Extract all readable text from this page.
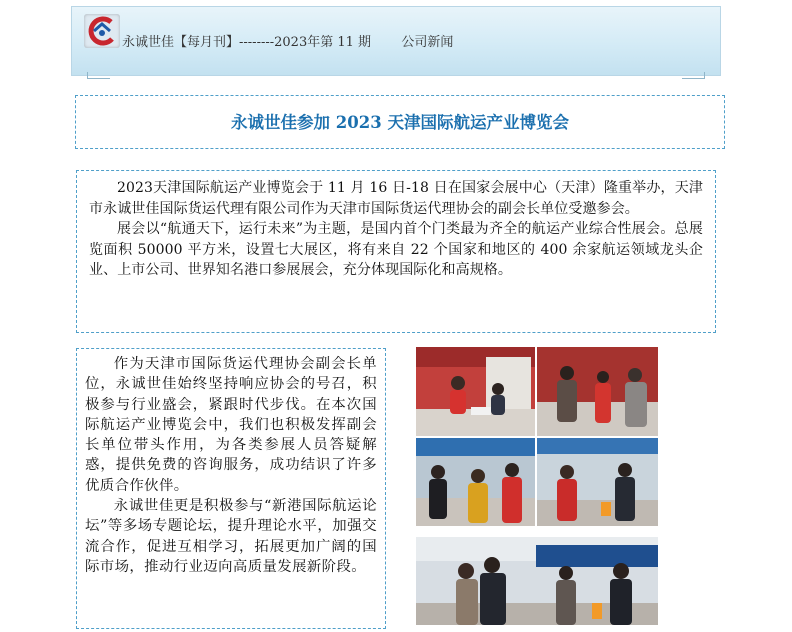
永诚世佳【每月刊】--------2023年第 11 期 公司新闻
永诚世佳参加 2023 天津国际航运产业博览会

2023天津国际航运产业博览会于 11 月 16 日-18 日在国家会展中心（天津）隆重举办，天津市永诚世佳国际货运代理有限公司作为天津市国际货运代理协会的副会长单位受邀参会。

展会以“航通天下，运行未来”为主题，是国内首个门类最为齐全的航运产业综合性展会。总展览面积 50000 平方米，设置七大展区，将有来自 22 个国家和地区的 400 余家航运领域龙头企业、上市公司、世界知名港口参展展会，充分体现国际化和高规格。

作为天津市国际货运代理协会副会长单位，永诚世佳始终坚持响应协会的号召，积极参与行业盛会，紧跟时代步伐。在本次国际航运产业博览会中，我们也积极发挥副会长单位带头作用，为各类参展人员答疑解惑，提供免费的咨询服务，成功结识了许多优质合作伙伴。

永诚世佳更是积极参与“新港国际航运论坛”等多场专题论坛，提升理论水平，加强交流合作，促进互相学习，拓展更加广阔的国际市场，推动行业迈向高质量发展新阶段。
